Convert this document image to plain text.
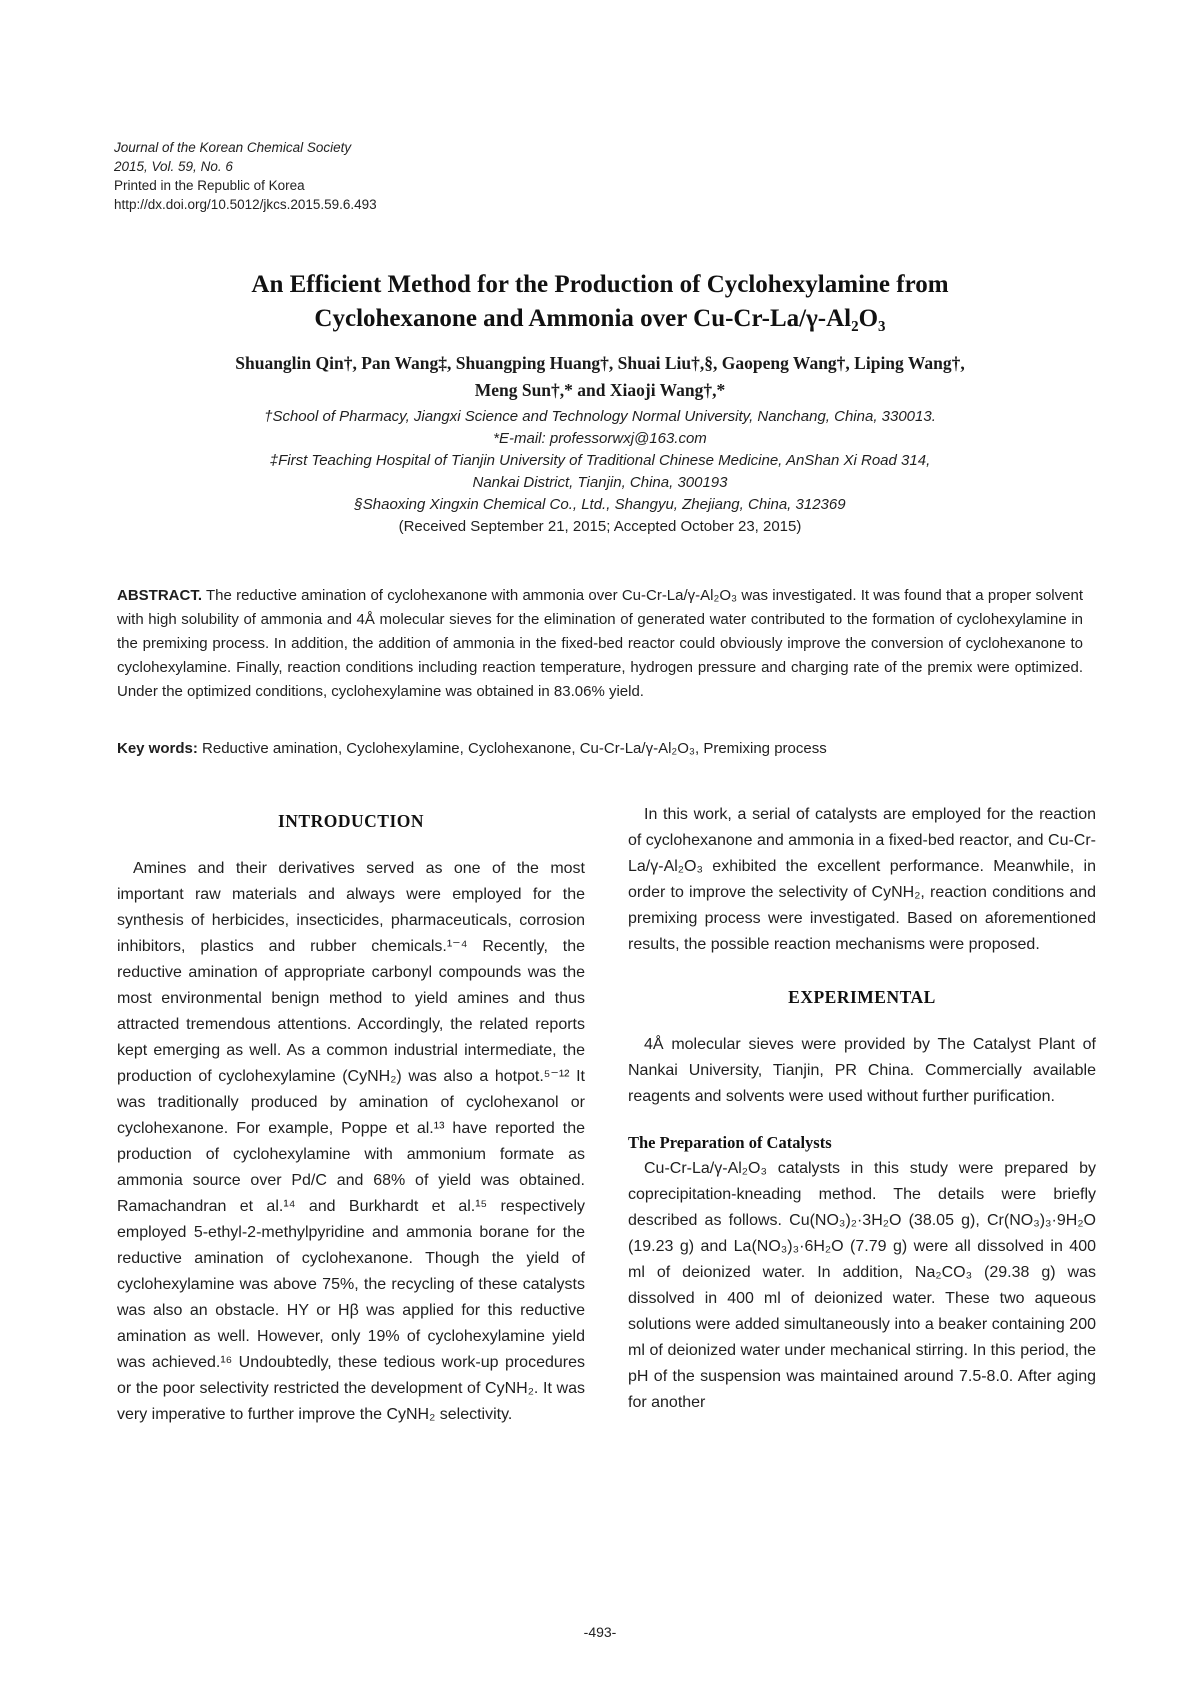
Journal of the Korean Chemical Society
2015, Vol. 59, No. 6
Printed in the Republic of Korea
http://dx.doi.org/10.5012/jkcs.2015.59.6.493
An Efficient Method for the Production of Cyclohexylamine from
Cyclohexanone and Ammonia over Cu-Cr-La/γ-Al₂O₃
Shuanglin Qin†, Pan Wang‡, Shuangping Huang†, Shuai Liu†,§, Gaopeng Wang†, Liping Wang†,
Meng Sun†,* and Xiaoji Wang†,*
†School of Pharmacy, Jiangxi Science and Technology Normal University, Nanchang, China, 330013.
*E-mail: professorwxj@163.com
‡First Teaching Hospital of Tianjin University of Traditional Chinese Medicine, AnShan Xi Road 314,
Nankai District, Tianjin, China, 300193
§Shaoxing Xingxin Chemical Co., Ltd., Shangyu, Zhejiang, China, 312369
(Received September 21, 2015; Accepted October 23, 2015)
ABSTRACT. The reductive amination of cyclohexanone with ammonia over Cu-Cr-La/γ-Al₂O₃ was investigated. It was found that a proper solvent with high solubility of ammonia and 4Å molecular sieves for the elimination of generated water contributed to the formation of cyclohexylamine in the premixing process. In addition, the addition of ammonia in the fixed-bed reactor could obviously improve the conversion of cyclohexanone to cyclohexylamine. Finally, reaction conditions including reaction temperature, hydrogen pressure and charging rate of the premix were optimized. Under the optimized conditions, cyclohexylamine was obtained in 83.06% yield.
Key words: Reductive amination, Cyclohexylamine, Cyclohexanone, Cu-Cr-La/γ-Al₂O₃, Premixing process
INTRODUCTION

Amines and their derivatives served as one of the most important raw materials and always were employed for the synthesis of herbicides, insecticides, pharmaceuticals, corrosion inhibitors, plastics and rubber chemicals.¹⁻⁴ Recently, the reductive amination of appropriate carbonyl compounds was the most environmental benign method to yield amines and thus attracted tremendous attentions. Accordingly, the related reports kept emerging as well. As a common industrial intermediate, the production of cyclohexylamine (CyNH₂) was also a hotpot.⁵⁻¹² It was traditionally produced by amination of cyclohexanol or cyclohexanone. For example, Poppe et al.¹³ have reported the production of cyclohexylamine with ammonium formate as ammonia source over Pd/C and 68% of yield was obtained. Ramachandran et al.¹⁴ and Burkhardt et al.¹⁵ respectively employed 5-ethyl-2-methylpyridine and ammonia borane for the reductive amination of cyclohexanone. Though the yield of cyclohexylamine was above 75%, the recycling of these catalysts was also an obstacle. HY or Hβ was applied for this reductive amination as well. However, only 19% of cyclohexylamine yield was achieved.¹⁶ Undoubtedly, these tedious work-up procedures or the poor selectivity restricted the development of CyNH₂. It was very imperative to further improve the CyNH₂ selectivity.

In this work, a serial of catalysts are employed for the reaction of cyclohexanone and ammonia in a fixed-bed reactor, and Cu-Cr-La/γ-Al₂O₃ exhibited the excellent performance. Meanwhile, in order to improve the selectivity of CyNH₂, reaction conditions and premixing process were investigated. Based on aforementioned results, the possible reaction mechanisms were proposed.

EXPERIMENTAL

4Å molecular sieves were provided by The Catalyst Plant of Nankai University, Tianjin, PR China. Commercially available reagents and solvents were used without further purification.

The Preparation of Catalysts

Cu-Cr-La/γ-Al₂O₃ catalysts in this study were prepared by coprecipitation-kneading method. The details were briefly described as follows. Cu(NO₃)₂·3H₂O (38.05 g), Cr(NO₃)₃·9H₂O (19.23 g) and La(NO₃)₃·6H₂O (7.79 g) were all dissolved in 400 ml of deionized water. In addition, Na₂CO₃ (29.38 g) was dissolved in 400 ml of deionized water. These two aqueous solutions were added simultaneously into a beaker containing 200 ml of deionized water under mechanical stirring. In this period, the pH of the suspension was maintained around 7.5-8.0. After aging for another

-493-
